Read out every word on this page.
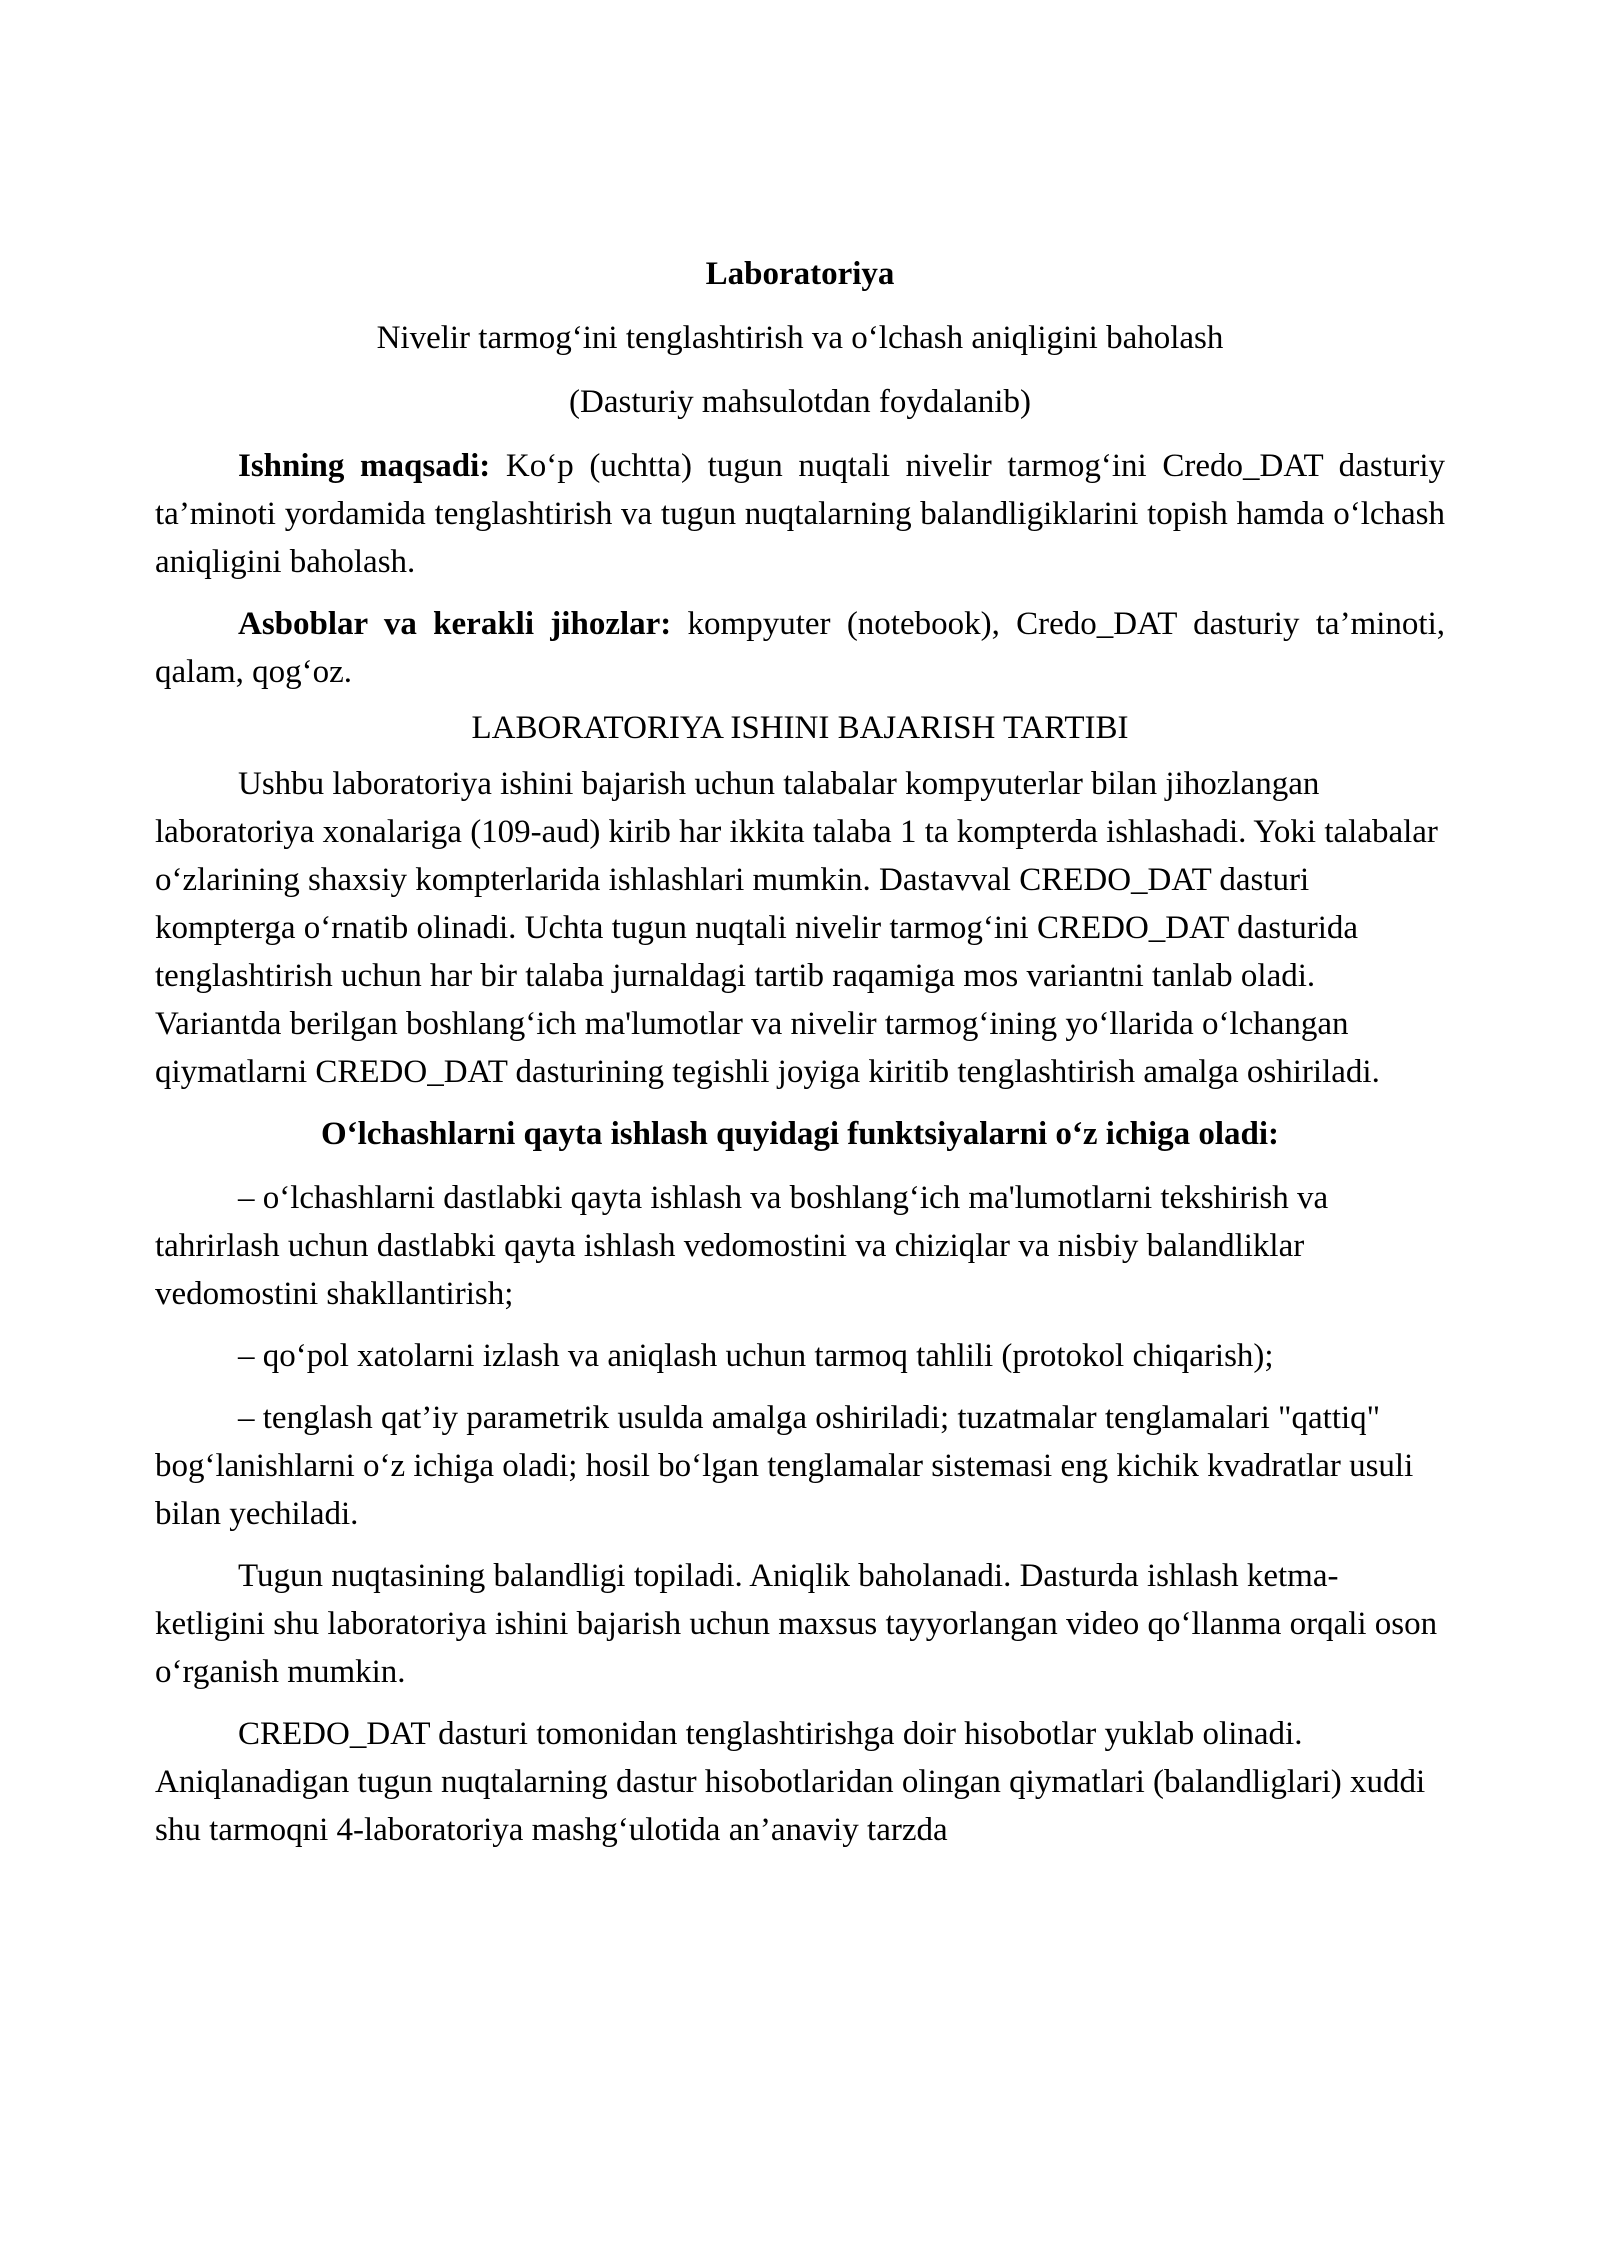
Laboratoriya

Nivelir tarmog‘ini tenglashtirish va o‘lchash aniqligini baholash

(Dasturiy mahsulotdan foydalanib)

Ishning maqsadi: Ko‘p (uchtta) tugun nuqtali nivelir tarmog‘ini Credo_DAT dasturiy ta’minoti yordamida tenglashtirish va tugun nuqtalarning balandligiklarini topish hamda o‘lchash aniqligini baholash.

Asboblar va kerakli jihozlar: kompyuter (notebook), Credo_DAT dasturiy ta’minoti, qalam, qog‘oz.

LABORATORIYA ISHINI BAJARISH TARTIBI

Ushbu laboratoriya ishini bajarish uchun talabalar kompyuterlar bilan jihozlangan laboratoriya xonalariga (109-aud) kirib har ikkita talaba 1 ta kompterda ishlashadi. Yoki talabalar o‘zlarining shaxsiy kompterlarida ishlashlari mumkin. Dastavval CREDO_DAT dasturi kompterga o‘rnatib olinadi. Uchta tugun nuqtali nivelir tarmog‘ini CREDO_DAT dasturida tenglashtirish uchun har bir talaba jurnaldagi tartib raqamiga mos variantni tanlab oladi. Variantda berilgan boshlang‘ich ma'lumotlar va nivelir tarmog‘ining yo‘llarida o‘lchangan qiymatlarni CREDO_DAT dasturining tegishli joyiga kiritib tenglashtirish amalga oshiriladi.

O‘lchashlarni qayta ishlash quyidagi funktsiyalarni o‘z ichiga oladi:

– o‘lchashlarni dastlabki qayta ishlash va boshlang‘ich ma'lumotlarni tekshirish va tahrirlash uchun dastlabki qayta ishlash vedomostini va chiziqlar va nisbiy balandliklar vedomostini shakllantirish;

– qo‘pol xatolarni izlash va aniqlash uchun tarmoq tahlili (protokol chiqarish);

– tenglash qat’iy parametrik usulda amalga oshiriladi; tuzatmalar tenglamalari "qattiq" bog‘lanishlarni o‘z ichiga oladi; hosil bo‘lgan tenglamalar sistemasi eng kichik kvadratlar usuli bilan yechiladi.

Tugun nuqtasining balandligi topiladi. Aniqlik baholanadi. Dasturda ishlash ketma-ketligini shu laboratoriya ishini bajarish uchun maxsus tayyorlangan video qo‘llanma orqali oson o‘rganish mumkin.

CREDO_DAT dasturi tomonidan tenglashtirishga doir hisobotlar yuklab olinadi. Aniqlanadigan tugun nuqtalarning dastur hisobotlaridan olingan qiymatlari (balandliglari) xuddi shu tarmoqni 4-laboratoriya mashg‘ulotida an’anaviy tarzda
